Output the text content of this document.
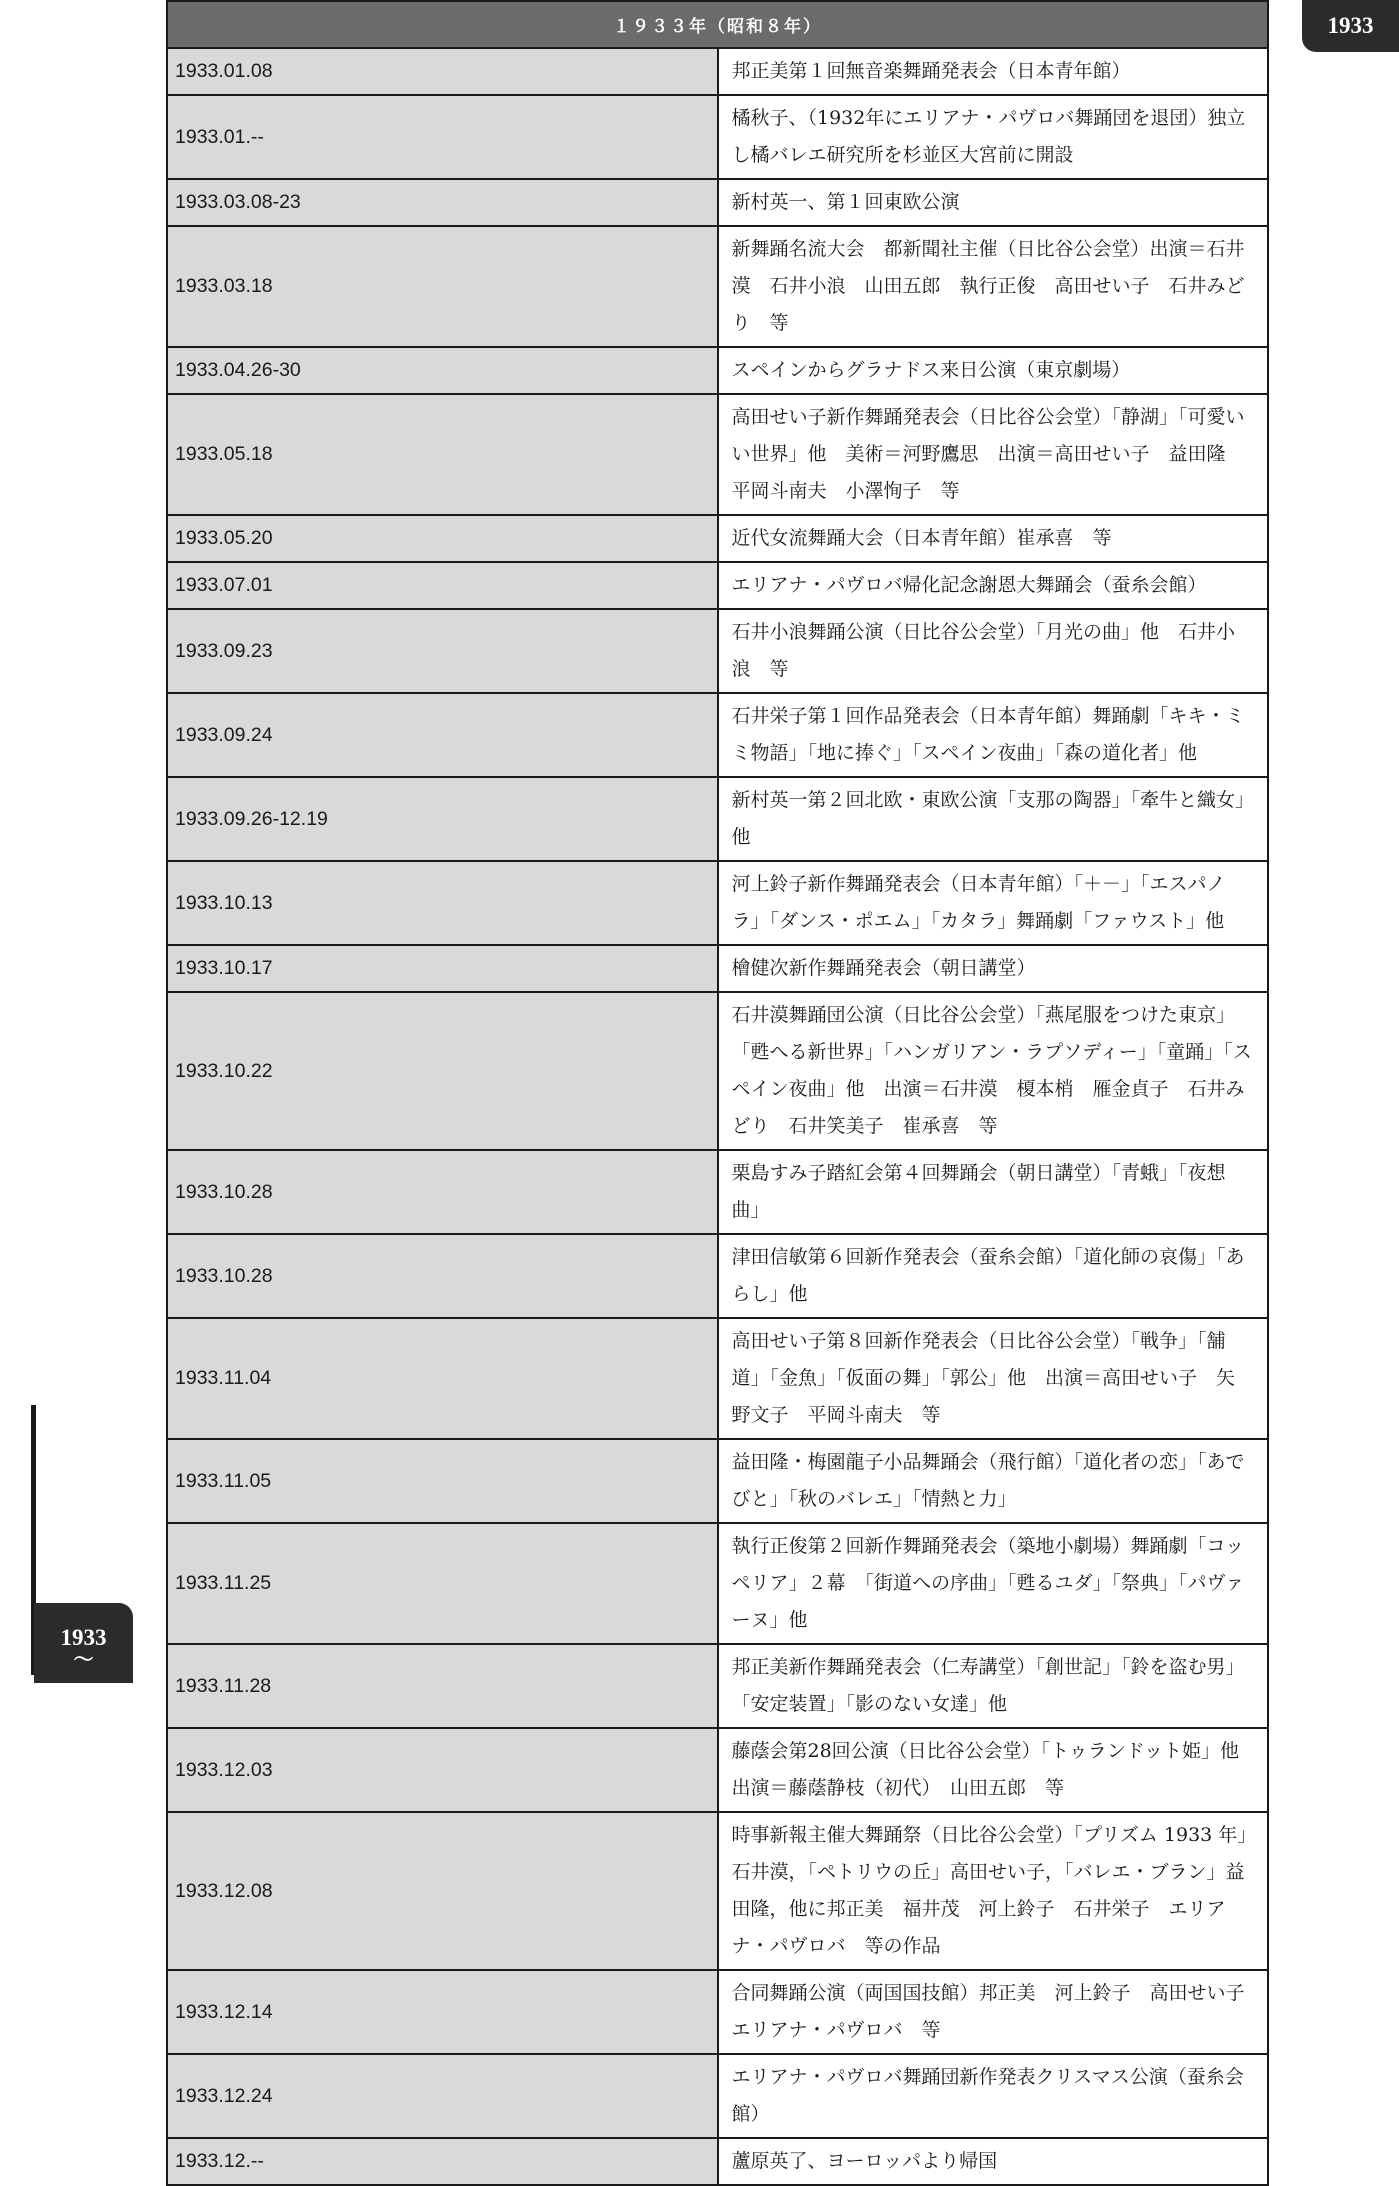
1933
1933
〜
１９３３年（昭和８年）	
1933.01.08	邦正美第１回無音楽舞踊発表会（日本青年館）
1933.01.--	橘秋子、（1932年にエリアナ・パヴロバ舞踊団を退団）独立し橘バレエ研究所を杉並区大宮前に開設
1933.03.08-23	新村英一、第１回東欧公演
1933.03.18	新舞踊名流大会　都新聞社主催（日比谷公会堂）出演＝石井漠　石井小浪　山田五郎　執行正俊　高田せい子　石井みどり　等
1933.04.26-30	スペインからグラナドス来日公演（東京劇場）
1933.05.18	高田せい子新作舞踊発表会（日比谷公会堂）「静湖」「可愛いい世界」他　美術＝河野鷹思　出演＝高田せい子　益田隆　平岡斗南夫　小澤恂子　等
1933.05.20	近代女流舞踊大会（日本青年館）崔承喜　等
1933.07.01	エリアナ・パヴロバ帰化記念謝恩大舞踊会（蚕糸会館）
1933.09.23	石井小浪舞踊公演（日比谷公会堂）「月光の曲」他　石井小浪　等
1933.09.24	石井栄子第１回作品発表会（日本青年館）舞踊劇「キキ・ミミ物語」「地に捧ぐ」「スペイン夜曲」「森の道化者」他
1933.09.26-12.19	新村英一第２回北欧・東欧公演「支那の陶器」「牽牛と織女」他
1933.10.13	河上鈴子新作舞踊発表会（日本青年館）「＋－」「エスパノラ」「ダンス・ポエム」「カタラ」舞踊劇「ファウスト」他
1933.10.17	檜健次新作舞踊発表会（朝日講堂）
1933.10.22	石井漠舞踊団公演（日比谷公会堂）「燕尾服をつけた東京」「甦へる新世界」「ハンガリアン・ラプソディー」「童踊」「スペイン夜曲」他　出演＝石井漠　榎本梢　雁金貞子　石井みどり　石井笑美子　崔承喜　等
1933.10.28	栗島すみ子踏紅会第４回舞踊会（朝日講堂）「青蛾」「夜想曲」
1933.10.28	津田信敏第６回新作発表会（蚕糸会館）「道化師の哀傷」「あらし」他
1933.11.04	高田せい子第８回新作発表会（日比谷公会堂）「戦争」「舗道」「金魚」「仮面の舞」「郭公」他　出演＝高田せい子　矢野文子　平岡斗南夫　等
1933.11.05	益田隆・梅園龍子小品舞踊会（飛行館）「道化者の恋」「あでびと」「秋のバレエ」「情熱と力」
1933.11.25	執行正俊第２回新作舞踊発表会（築地小劇場）舞踊劇「コッペリア」２幕　「街道への序曲」「甦るユダ」「祭典」「パヴァーヌ」他
1933.11.28	邦正美新作舞踊発表会（仁寿講堂）「創世記」「鈴を盗む男」「安定装置」「影のない女達」他
1933.12.03	藤蔭会第28回公演（日比谷公会堂）「トゥランドット姫」他　出演＝藤蔭静枝（初代）　山田五郎　等
1933.12.08	時事新報主催大舞踊祭（日比谷公会堂）「プリズム 1933 年」石井漠，「ペトリウの丘」高田せい子，「バレエ・ブラン」益田隆，他に邦正美　福井茂　河上鈴子　石井栄子　エリアナ・パヴロバ　等の作品
1933.12.14	合同舞踊公演（両国国技館）邦正美　河上鈴子　高田せい子　エリアナ・パヴロバ　等
1933.12.24	エリアナ・パヴロバ舞踊団新作発表クリスマス公演（蚕糸会館）
1933.12.--	蘆原英了、ヨーロッパより帰国
